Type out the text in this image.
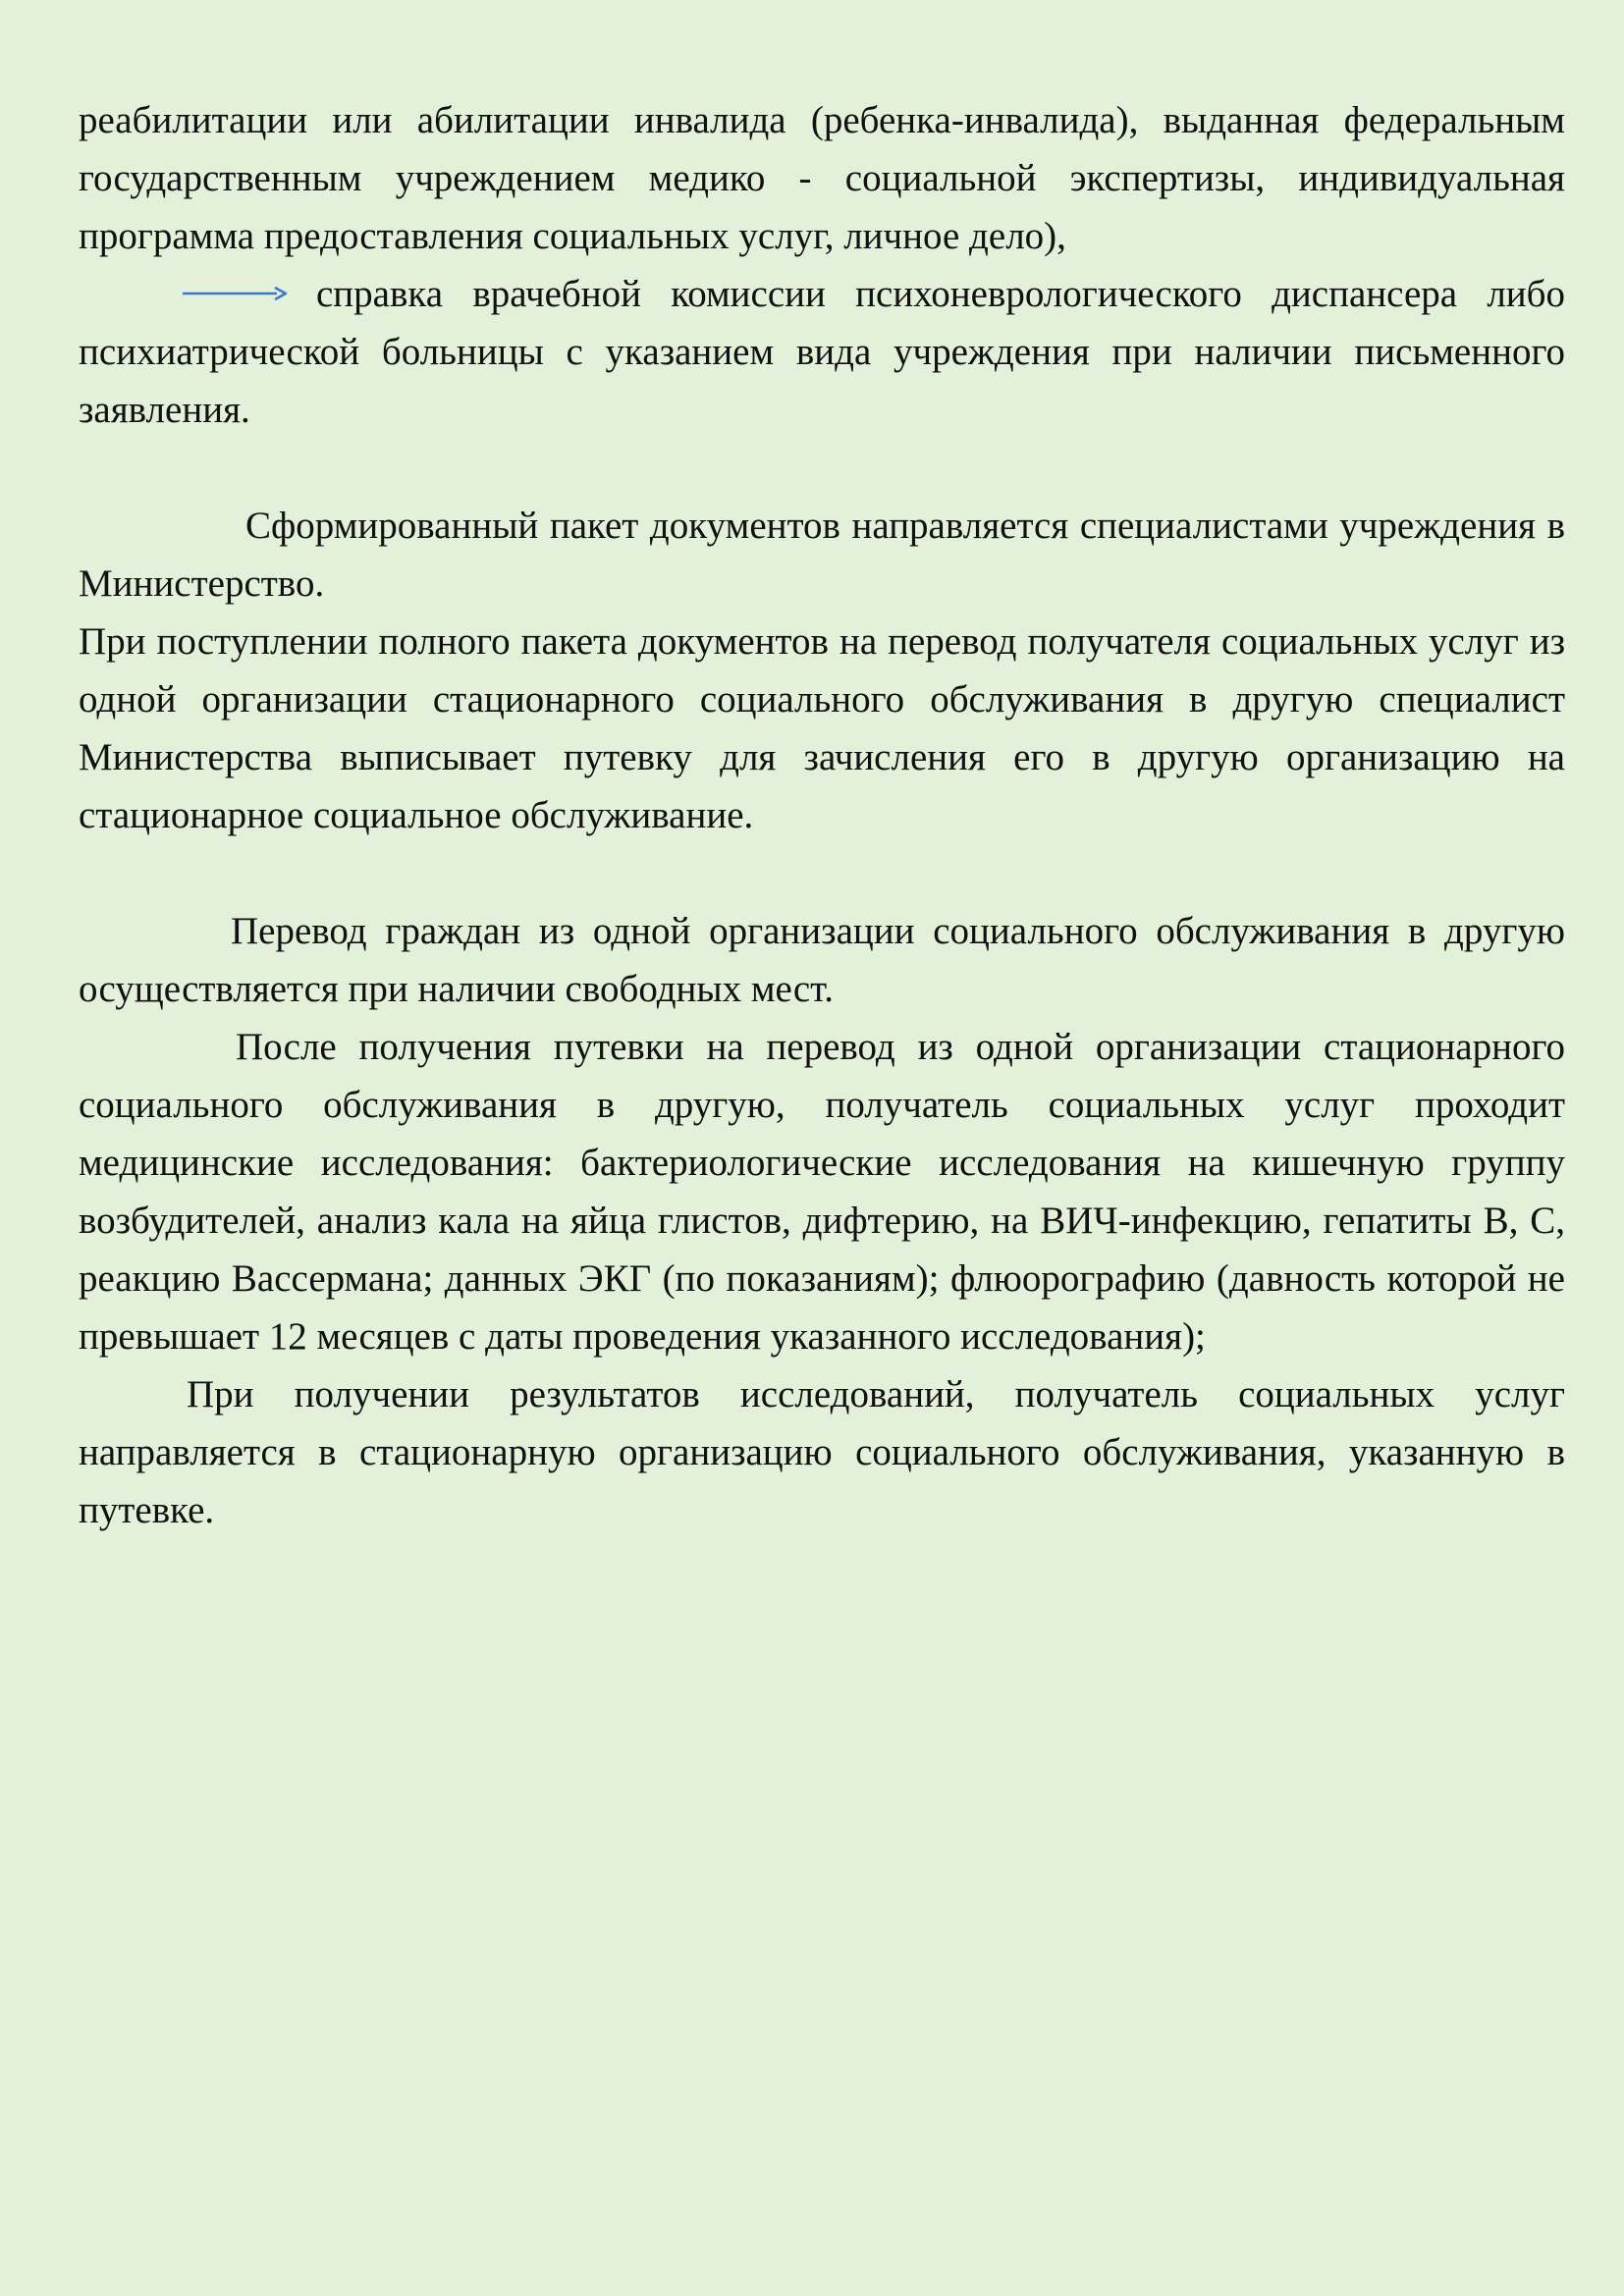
реабилитации или абилитации инвалида (ребенка-инвалида), выданная федеральным государственным учреждением медико - социальной экспертизы, индивидуальная программа предоставления социальных услуг, личное дело),

справка врачебной комиссии психоневрологического диспансера либо психиатрической больницы с указанием вида учреждения при наличии письменного заявления.

Сформированный пакет документов направляется специалистами учреждения в Министерство.

При поступлении полного пакета документов на перевод получателя социальных услуг из одной организации стационарного социального обслуживания в другую специалист Министерства выписывает путевку для зачисления его в другую организацию на стационарное социальное обслуживание.

Перевод граждан из одной организации социального обслуживания в другую осуществляется при наличии свободных мест.

После получения путевки на перевод из одной организации стационарного социального обслуживания в другую, получатель социальных услуг проходит медицинские исследования: бактериологические исследования на кишечную группу возбудителей, анализ кала на яйца глистов, дифтерию, на ВИЧ-инфекцию, гепатиты В, С, реакцию Вассермана; данных ЭКГ (по показаниям); флюорографию (давность которой не превышает 12 месяцев с даты проведения указанного исследования);

При получении результатов исследований, получатель социальных услуг направляется в стационарную организацию социального обслуживания, указанную в путевке.
